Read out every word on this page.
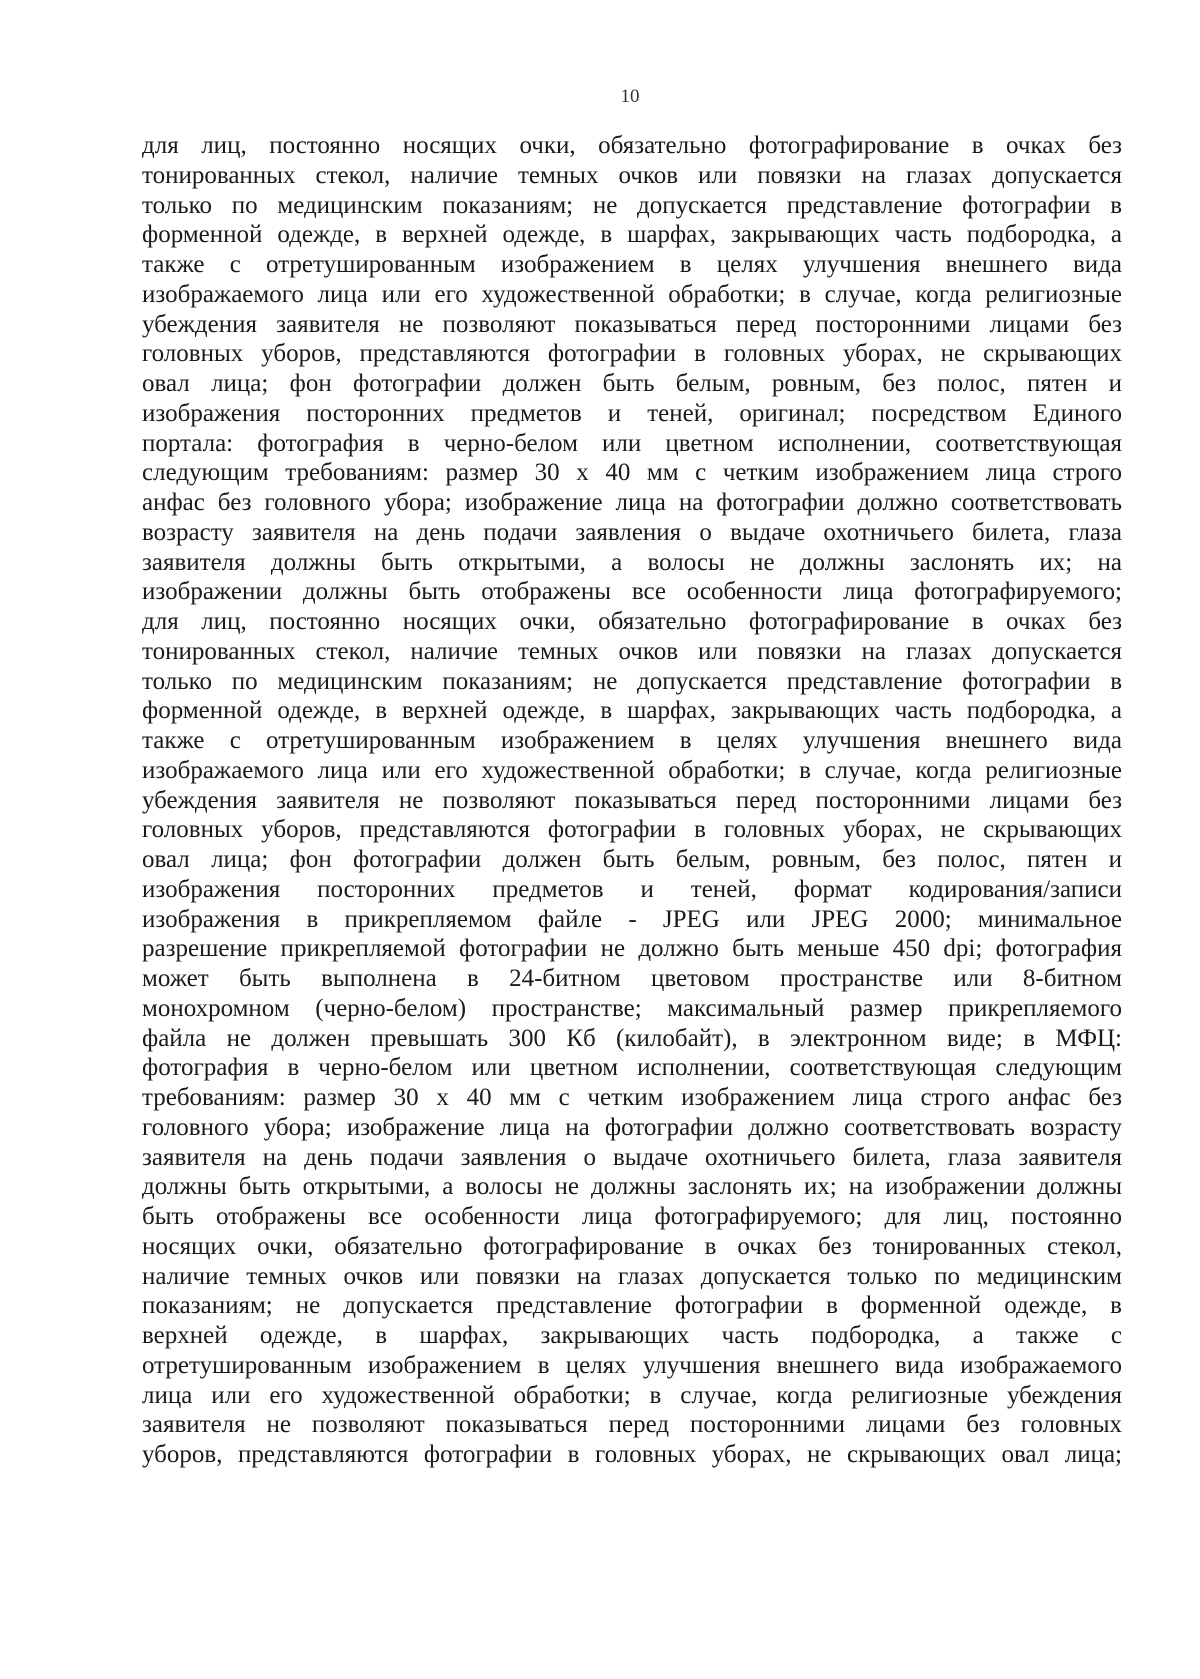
10
для лиц, постоянно носящих очки, обязательно фотографирование в очках без
тонированных стекол, наличие темных очков или повязки на глазах допускается
только по медицинским показаниям; не допускается представление фотографии в
форменной одежде, в верхней одежде, в шарфах, закрывающих часть подбородка, а
также с отретушированным изображением в целях улучшения внешнего вида
изображаемого лица или его художественной обработки; в случае, когда религиозные
убеждения заявителя не позволяют показываться перед посторонними лицами без
головных уборов, представляются фотографии в головных уборах, не скрывающих
овал лица; фон фотографии должен быть белым, ровным, без полос, пятен и
изображения посторонних предметов и теней, оригинал; посредством Единого
портала: фотография в черно-белом или цветном исполнении, соответствующая
следующим требованиям: размер 30 х 40 мм с четким изображением лица строго
анфас без головного убора; изображение лица на фотографии должно соответствовать
возрасту заявителя на день подачи заявления о выдаче охотничьего билета, глаза
заявителя должны быть открытыми, а волосы не должны заслонять их; на
изображении должны быть отображены все особенности лица фотографируемого;
для лиц, постоянно носящих очки, обязательно фотографирование в очках без
тонированных стекол, наличие темных очков или повязки на глазах допускается
только по медицинским показаниям; не допускается представление фотографии в
форменной одежде, в верхней одежде, в шарфах, закрывающих часть подбородка, а
также с отретушированным изображением в целях улучшения внешнего вида
изображаемого лица или его художественной обработки; в случае, когда религиозные
убеждения заявителя не позволяют показываться перед посторонними лицами без
головных уборов, представляются фотографии в головных уборах, не скрывающих
овал лица; фон фотографии должен быть белым, ровным, без полос, пятен и
изображения посторонних предметов и теней, формат кодирования/записи
изображения в прикрепляемом файле - JPEG или JPEG 2000; минимальное
разрешение прикрепляемой фотографии не должно быть меньше 450 dpi; фотография
может быть выполнена в 24-битном цветовом пространстве или 8-битном
монохромном (черно-белом) пространстве; максимальный размер прикрепляемого
файла не должен превышать 300 Кб (килобайт), в электронном виде; в МФЦ:
фотография в черно-белом или цветном исполнении, соответствующая следующим
требованиям: размер 30 х 40 мм с четким изображением лица строго анфас без
головного убора; изображение лица на фотографии должно соответствовать возрасту
заявителя на день подачи заявления о выдаче охотничьего билета, глаза заявителя
должны быть открытыми, а волосы не должны заслонять их; на изображении должны
быть отображены все особенности лица фотографируемого; для лиц, постоянно
носящих очки, обязательно фотографирование в очках без тонированных стекол,
наличие темных очков или повязки на глазах допускается только по медицинским
показаниям; не допускается представление фотографии в форменной одежде, в
верхней одежде, в шарфах, закрывающих часть подбородка, а также с
отретушированным изображением в целях улучшения внешнего вида изображаемого
лица или его художественной обработки; в случае, когда религиозные убеждения
заявителя не позволяют показываться перед посторонними лицами без головных
уборов, представляются фотографии в головных уборах, не скрывающих овал лица;
